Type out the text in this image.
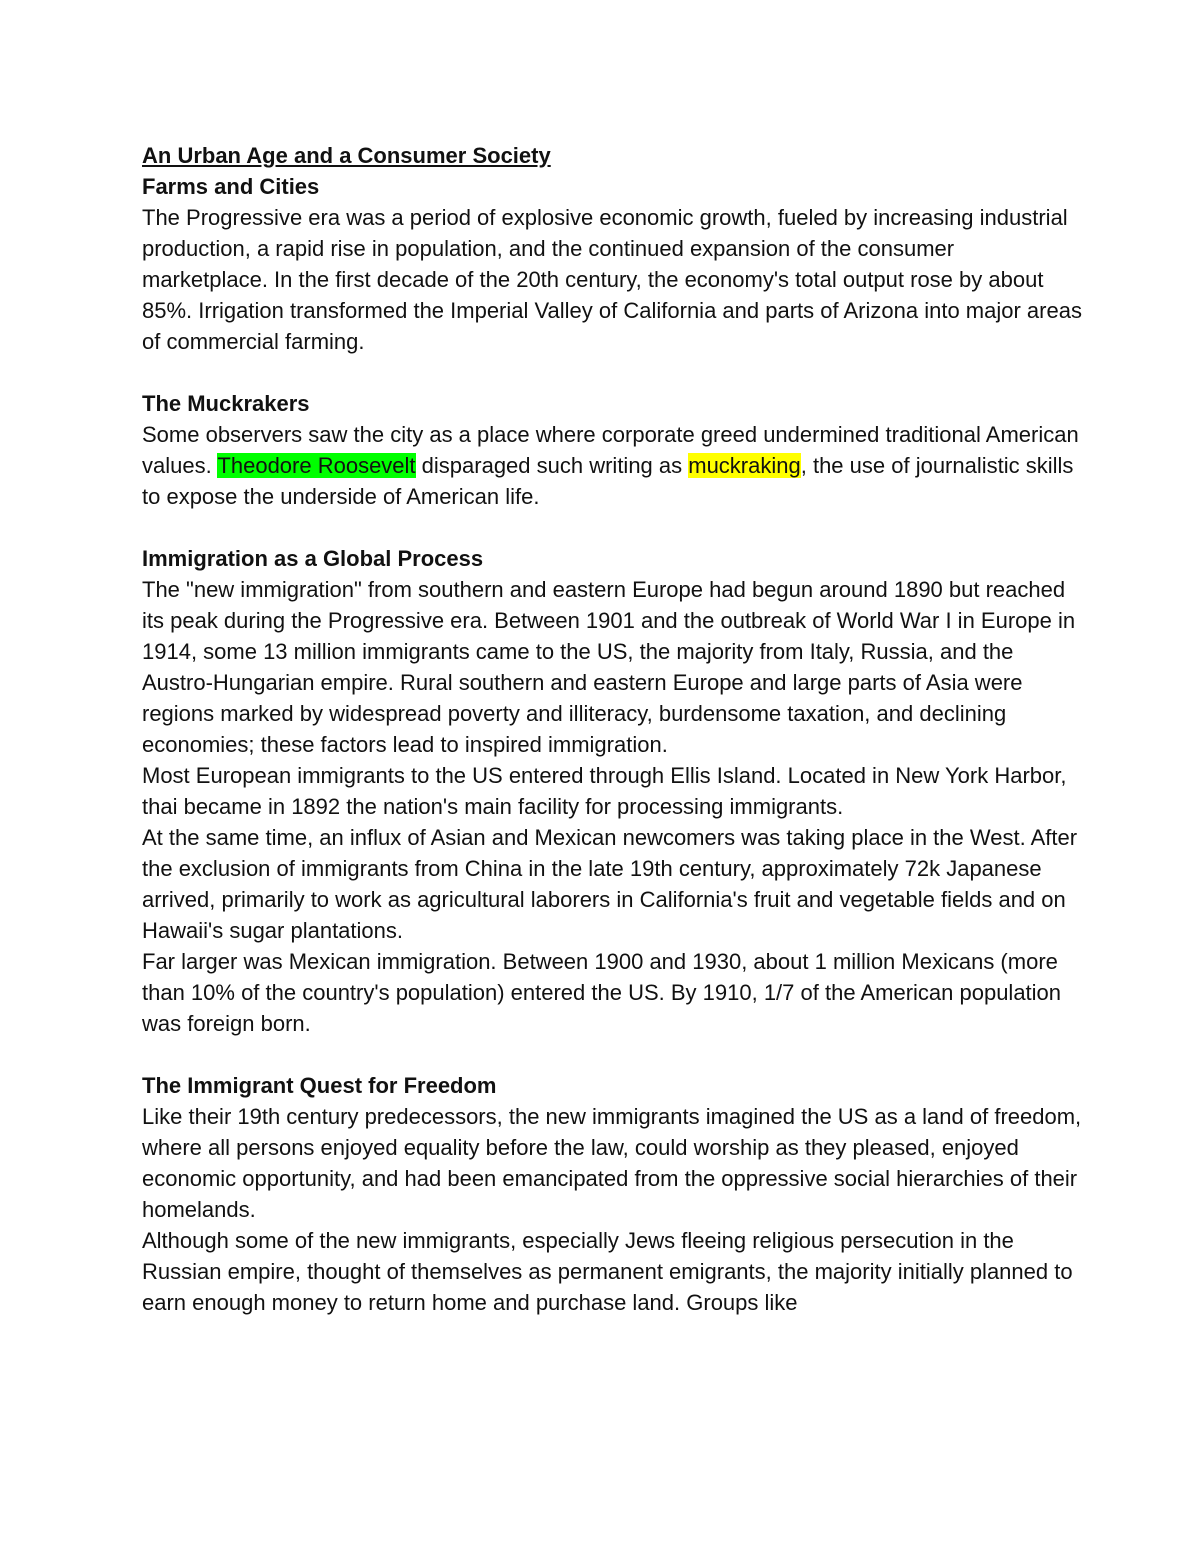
An Urban Age and a Consumer Society

Farms and Cities

The Progressive era was a period of explosive economic growth, fueled by increasing industrial production, a rapid rise in population, and the continued expansion of the consumer marketplace. In the first decade of the 20th century, the economy's total output rose by about 85%. Irrigation transformed the Imperial Valley of California and parts of Arizona into major areas of commercial farming.

The Muckrakers

Some observers saw the city as a place where corporate greed undermined traditional American values. Theodore Roosevelt disparaged such writing as muckraking, the use of journalistic skills to expose the underside of American life.

Immigration as a Global Process

The "new immigration" from southern and eastern Europe had begun around 1890 but reached its peak during the Progressive era. Between 1901 and the outbreak of World War I in Europe in 1914, some 13 million immigrants came to the US, the majority from Italy, Russia, and the Austro-Hungarian empire. Rural southern and eastern Europe and large parts of Asia were regions marked by widespread poverty and illiteracy, burdensome taxation, and declining economies; these factors lead to inspired immigration.

Most European immigrants to the US entered through Ellis Island. Located in New York Harbor, thai became in 1892 the nation's main facility for processing immigrants.

At the same time, an influx of Asian and Mexican newcomers was taking place in the West. After the exclusion of immigrants from China in the late 19th century, approximately 72k Japanese arrived, primarily to work as agricultural laborers in California's fruit and vegetable fields and on Hawaii's sugar plantations.

Far larger was Mexican immigration. Between 1900 and 1930, about 1 million Mexicans (more than 10% of the country's population) entered the US. By 1910, 1/7 of the American population was foreign born.

The Immigrant Quest for Freedom

Like their 19th century predecessors, the new immigrants imagined the US as a land of freedom, where all persons enjoyed equality before the law, could worship as they pleased, enjoyed economic opportunity, and had been emancipated from the oppressive social hierarchies of their homelands.

Although some of the new immigrants, especially Jews fleeing religious persecution in the Russian empire, thought of themselves as permanent emigrants, the majority initially planned to earn enough money to return home and purchase land. Groups like
